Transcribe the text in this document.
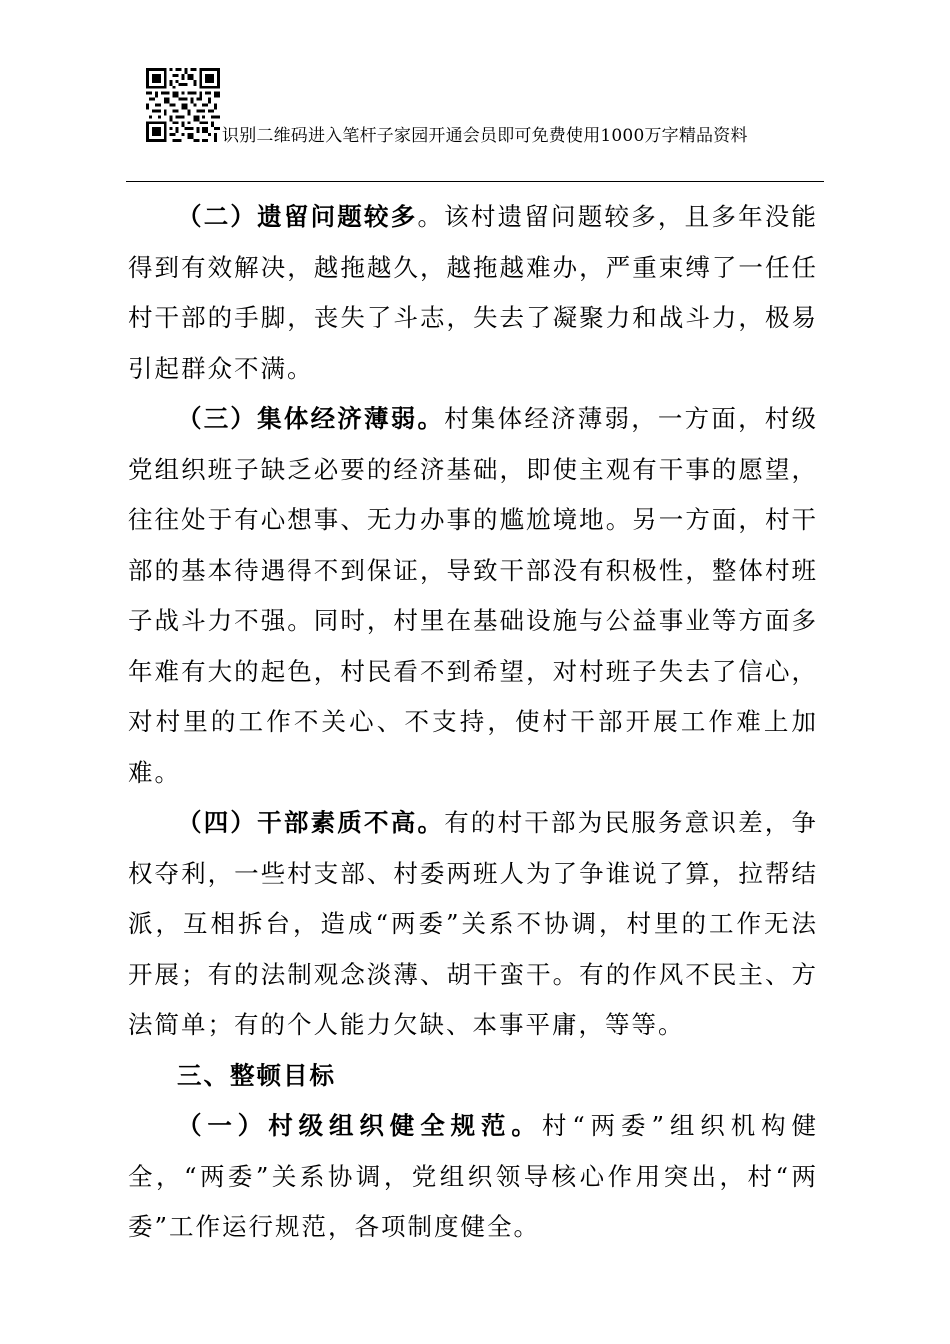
识别二维码进入笔杆子家园开通会员即可免费使用1000万字精品资料

（二）遗留问题较多。该村遗留问题较多，且多年没能得到有效解决，越拖越久，越拖越难办，严重束缚了一任任村干部的手脚，丧失了斗志，失去了凝聚力和战斗力，极易引起群众不满。

（三）集体经济薄弱。村集体经济薄弱，一方面，村级党组织班子缺乏必要的经济基础，即使主观有干事的愿望，往往处于有心想事、无力办事的尴尬境地。另一方面，村干部的基本待遇得不到保证，导致干部没有积极性，整体村班子战斗力不强。同时，村里在基础设施与公益事业等方面多年难有大的起色，村民看不到希望，对村班子失去了信心，对村里的工作不关心、不支持，使村干部开展工作难上加难。

（四）干部素质不高。有的村干部为民服务意识差，争权夺利，一些村支部、村委两班人为了争谁说了算，拉帮结派，互相拆台，造成“两委”关系不协调，村里的工作无法开展；有的法制观念淡薄、胡干蛮干。有的作风不民主、方法简单；有的个人能力欠缺、本事平庸，等等。

三、整顿目标

（一）村级组织健全规范。村“两委”组织机构健全，“两委”关系协调，党组织领导核心作用突出，村“两委”工作运行规范，各项制度健全。
